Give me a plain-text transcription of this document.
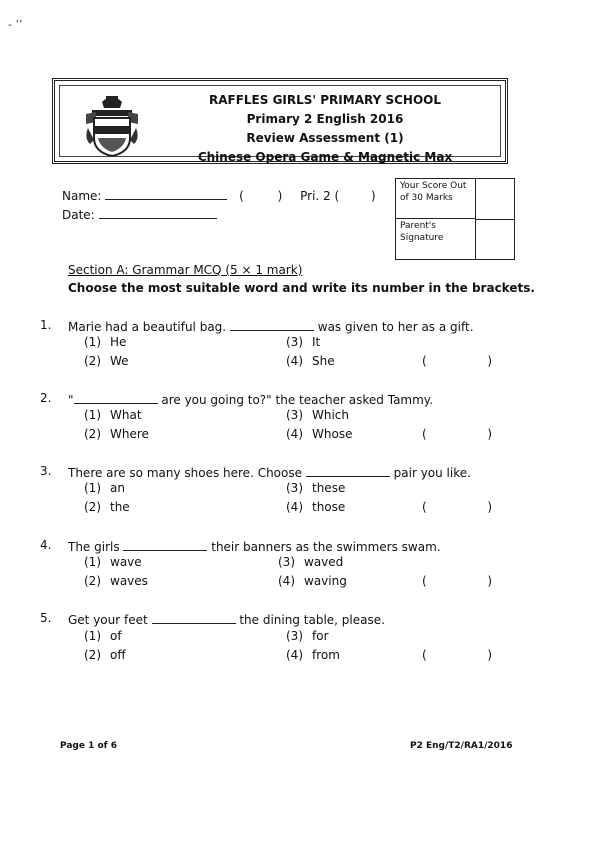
- ʼʼ
RAFFLES GIRLS' PRIMARY SCHOOL
Primary 2 English 2016
Review Assessment (1)
Chinese Opera Game & Magnetic Max
Name:	(	) Pri. 2 (	)
Date:
Your Score Out of 30 Marks
Parent's Signature
Section A: Grammar MCQ (5 × 1 mark)
Choose the most suitable word and write its number in the brackets.
1. Marie had a beautiful bag.	was given to her as a gift.
(1) He
(2) We
(3) It
(4) She	(	)
2. "	are you going to?" the teacher asked Tammy.
(1) What
(2) Where
(3) Which
(4) Whose	(	)
3. There are so many shoes here. Choose	pair you like.
(1) an
(2) the
(3) these
(4) those	(	)
4. The girls	their banners as the swimmers swam.
(1) wave
(2) waves
(3) waved
(4) waving	(	)
5. Get your feet	the dining table, please.
(1) of
(2) off
(3) for
(4) from	(	)
Page 1 of 6	P2 Eng/T2/RA1/2016
